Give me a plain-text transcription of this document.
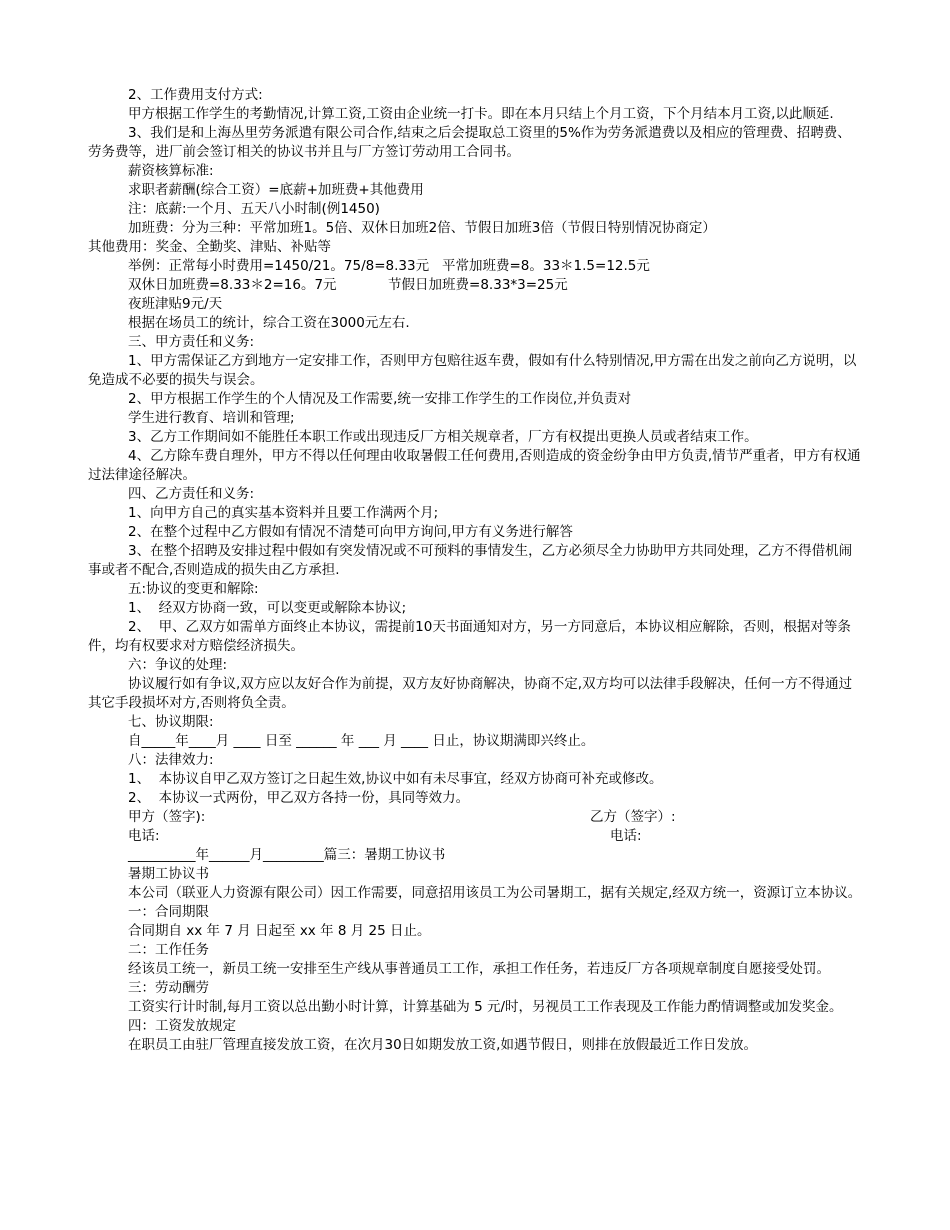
2、工作费用支付方式:

甲方根据工作学生的考勤情况,计算工资,工资由企业统一打卡。即在本月只结上个月工资，下个月结本月工资,以此顺延.

3、我们是和上海丛里劳务派遣有限公司合作,结束之后会提取总工资里的5%作为劳务派遣费以及相应的管理费、招聘费、劳务费等，进厂前会签订相关的协议书并且与厂方签订劳动用工合同书。

薪资核算标准:

求职者薪酬(综合工资）=底薪+加班费+其他费用

注：底薪:一个月、五天八小时制(例1450)

加班费：分为三种：平常加班1。5倍、双休日加班2倍、节假日加班3倍（节假日特别情况协商定）

其他费用：奖金、全勤奖、津贴、补贴等

举例：正常每小时费用=1450/21。75/8=8.33元   平常加班费=8。33＊1.5=12.5元

双休日加班费=8.33＊2=16。7元            节假日加班费=8.33*3=25元

夜班津贴9元/天

根据在场员工的统计，综合工资在3000元左右.

三、甲方责任和义务:

1、甲方需保证乙方到地方一定安排工作，否则甲方包赔往返车费，假如有什么特别情况,甲方需在出发之前向乙方说明，以免造成不必要的损失与误会。

2、甲方根据工作学生的个人情况及工作需要,统一安排工作学生的工作岗位,并负责对

学生进行教育、培训和管理;

3、乙方工作期间如不能胜任本职工作或出现违反厂方相关规章者，厂方有权提出更换人员或者结束工作。

4、乙方除车费自理外，甲方不得以任何理由收取暑假工任何费用,否则造成的资金纷争由甲方负责,情节严重者，甲方有权通过法律途径解决。

四、乙方责任和义务:

1、向甲方自己的真实基本资料并且要工作满两个月;

2、在整个过程中乙方假如有情况不清楚可向甲方询问,甲方有义务进行解答

3、在整个招聘及安排过程中假如有突发情况或不可预料的事情发生，乙方必须尽全力协助甲方共同处理，乙方不得借机闹事或者不配合,否则造成的损失由乙方承担.

五:协议的变更和解除:

1、  经双方协商一致，可以变更或解除本协议;

2、  甲、乙双方如需单方面终止本协议，需提前10天书面通知对方，另一方同意后，本协议相应解除，否则，根据对等条件，均有权要求对方赔偿经济损失。

六：争议的处理:

协议履行如有争议,双方应以友好合作为前提，双方友好协商解决，协商不定,双方均可以法律手段解决，任何一方不得通过其它手段损坏对方,否则将负全责。

七、协议期限:

自_____年____月 ____ 日至 ______ 年 ___ 月 ____ 日止，协议期满即兴终止。

八：法律效力:

1、  本协议自甲乙双方签订之日起生效,协议中如有未尽事宜，经双方协商可补充或修改。

2、  本协议一式两份，甲乙双方各持一份，具同等效力。

甲方（签字):	乙方（签字）:
电话:	电话:

__________年______月_________篇三：暑期工协议书

暑期工协议书

本公司（联亚人力资源有限公司）因工作需要，同意招用该员工为公司暑期工，据有关规定,经双方统一，资源订立本协议。

一：合同期限

合同期自 xx 年 7 月 日起至 xx 年 8 月 25 日止。

二：工作任务

经该员工统一，新员工统一安排至生产线从事普通员工工作，承担工作任务，若违反厂方各项规章制度自愿接受处罚。

三：劳动酬劳

工资实行计时制,每月工资以总出勤小时计算，计算基础为 5 元/时，另视员工工作表现及工作能力酌情调整或加发奖金。

四：工资发放规定

在职员工由驻厂管理直接发放工资，在次月30日如期发放工资,如遇节假日，则排在放假最近工作日发放。
